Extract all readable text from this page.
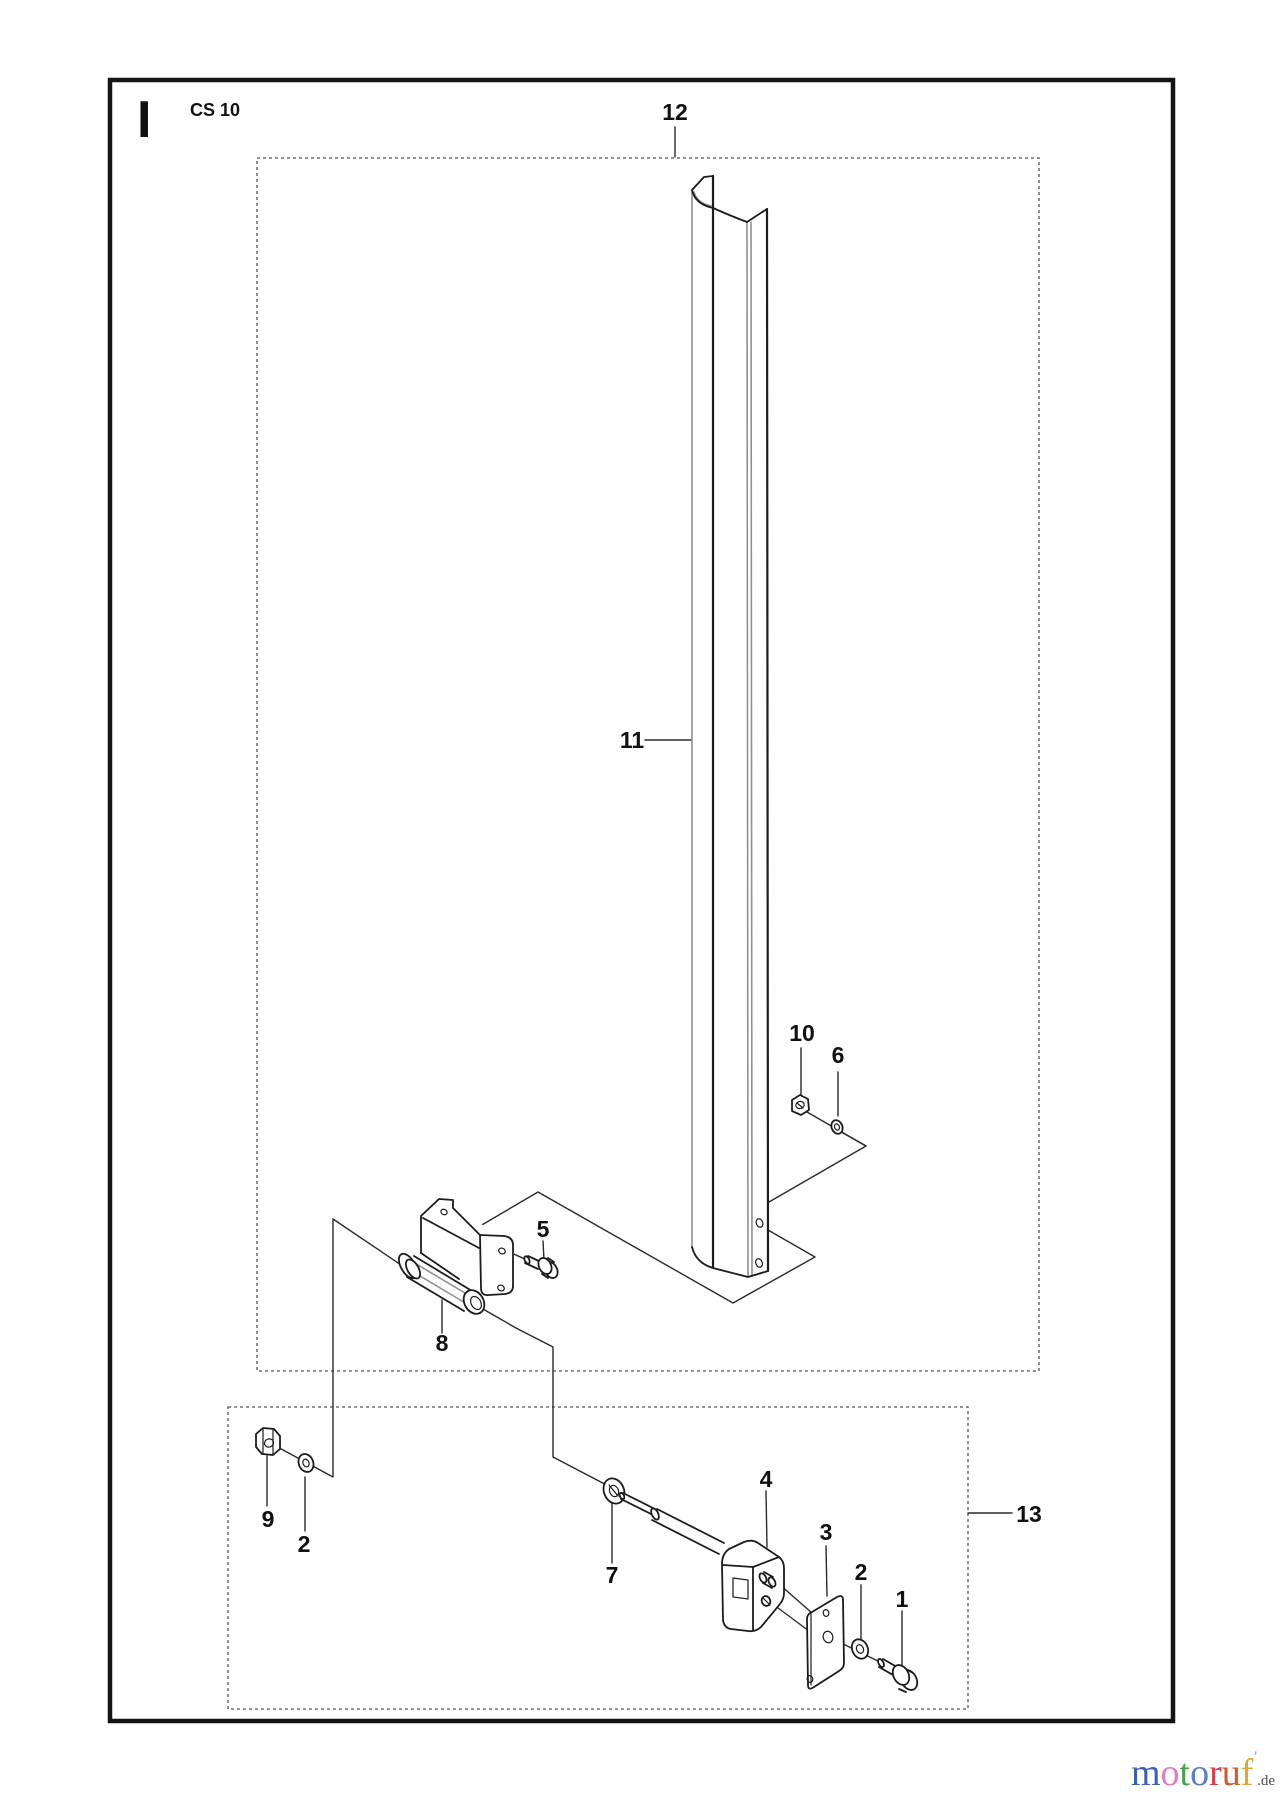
I CS 10	12
11
10
6
5
8
9
2
7
4
3
2
1
13
motoruf'.de
